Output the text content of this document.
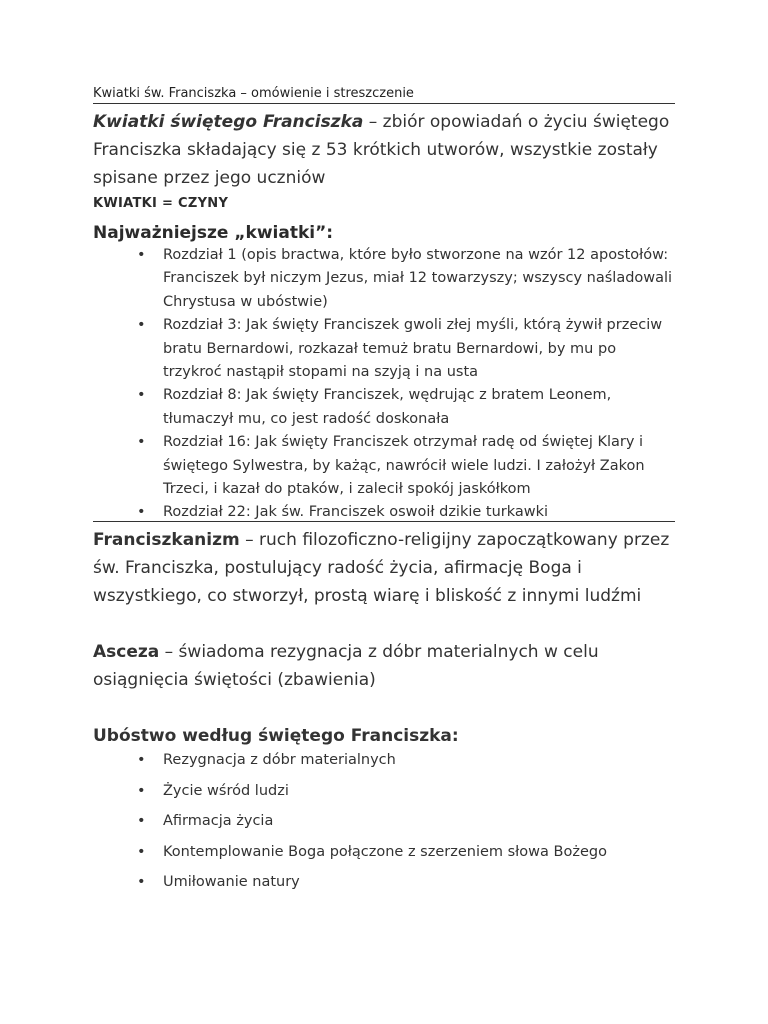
Kwiatki św. Franciszka – omówienie i streszczenie
Kwiatki świętego Franciszka – zbiór opowiadań o życiu świętego Franciszka składający się z 53 krótkich utworów, wszystkie zostały spisane przez jego uczniów
KWIATKI = CZYNY
Najważniejsze „kwiatki”:
• Rozdział 1 (opis bractwa, które było stworzone na wzór 12 apostołów: Franciszek był niczym Jezus, miał 12 towarzyszy; wszyscy naśladowali Chrystusa w ubóstwie)
• Rozdział 3: Jak święty Franciszek gwoli złej myśli, którą żywił przeciw bratu Bernardowi, rozkazał temuż bratu Bernardowi, by mu po trzykroć nastąpił stopami na szyją i na usta
• Rozdział 8: Jak święty Franciszek, wędrując z bratem Leonem, tłumaczył mu, co jest radość doskonała
• Rozdział 16: Jak święty Franciszek otrzymał radę od świętej Klary i świętego Sylwestra, by każąc, nawrócił wiele ludzi. I założył Zakon Trzeci, i kazał do ptaków, i zalecił spokój jaskółkom
• Rozdział 22: Jak św. Franciszek oswoił dzikie turkawki
Franciszkanizm – ruch filozoficzno-religijny zapoczątkowany przez św. Franciszka, postulujący radość życia, afirmację Boga i wszystkiego, co stworzył, prostą wiarę i bliskość z innymi ludźmi
Asceza – świadoma rezygnacja z dóbr materialnych w celu osiągnięcia świętości (zbawienia)
Ubóstwo według świętego Franciszka:
• Rezygnacja z dóbr materialnych
• Życie wśród ludzi
• Afirmacja życia
• Kontemplowanie Boga połączone z szerzeniem słowa Bożego
• Umiłowanie natury
